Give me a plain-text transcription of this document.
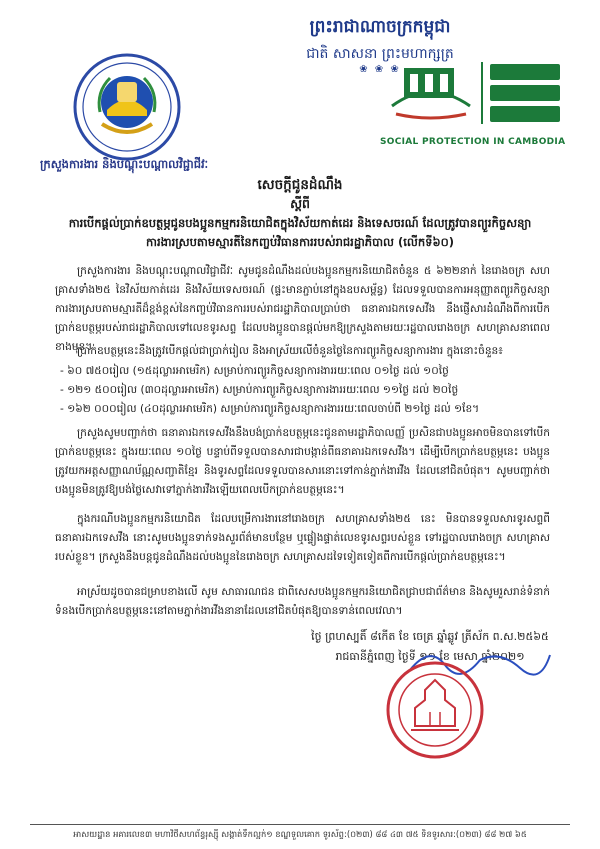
ព្រះរាជាណាចក្រកម្ពុជា
ជាតិ សាសនា ព្រះមហាក្សត្រ
❀ ❀ ❀
ក្រសួងការងារ និងបណ្តុះបណ្តាលវិជ្ជាជីវៈ
SOCIAL PROTECTION IN CAMBODIA
សេចក្តីជូនដំណឹង
ស្តីពី
ការបើកផ្តល់ប្រាក់ឧបត្ថម្ភជូនបងប្អូនកម្មករនិយោជិតក្នុងវិស័យកាត់ដេរ និងទេសចរណ៍ ដែលត្រូវបានព្យួរកិច្ចសន្យាការងារស្របតាមស្មារតីនៃកញ្ចប់វិធានការរបស់រាជរដ្ឋាភិបាល (លើកទី៦០)
ក្រសួងការងារ និងបណ្តុះបណ្តាលវិជ្ជាជីវៈ សូមជូនដំណឹងដល់បងប្អូនកម្មករនិយោជិតចំនួន ៥ ៦២២នាក់ នៃរោងចក្រ សហគ្រាសទាំង២៥ នៃវិស័យកាត់ដេរ និងវិស័យទេសចរណ៍ (ផ្ទះមានភ្ជាប់នៅក្នុងឧបសម្ព័ន្ធ) ដែលទទួលបានការអនុញ្ញាតព្យួរកិច្ចសន្យាការងារស្របតាមស្មារតីដ៏ខ្ពង់ខ្ពស់នៃកញ្ចប់វិធានការរបស់រាជរដ្ឋាភិបាលប្រាប់ថា ធនាគារឯកទេសវីង នឹងផ្ញើសារដំណឹងពីការបើកប្រាក់ឧបត្ថម្ភរបស់រាជរដ្ឋាភិបាលទៅលេខទូរសព្ទ ដែលបងប្អូនបានផ្តល់មកឱ្យក្រសួងតាមរយៈរដ្ឋបាលរោងចក្រ សហគ្រាសនាពេលខាងមុខ។
ប្រាក់ឧបត្ថម្ភនេះនឹងត្រូវបើកផ្តល់ជាប្រាក់រៀល និងអាស្រ័យលើចំនួនថ្ងៃនៃការព្យួរកិច្ចសន្យាការងារ ក្នុងនោះចំនួន៖
- ៦០ ៧៥០រៀល (១៥ដុល្លារអាមេរិក) សម្រាប់ការព្យួរកិច្ចសន្យាការងាររយៈពេល ០១ថ្ងៃ ដល់ ១០ថ្ងៃ
- ១២១ ៥០០រៀល (៣០ដុល្លារអាមេរិក) សម្រាប់ការព្យួរកិច្ចសន្យាការងាររយៈពេល ១១ថ្ងៃ ដល់ ២០ថ្ងៃ
- ១៦២ ០០០រៀល (៤០ដុល្លារអាមេរិក) សម្រាប់ការព្យួរកិច្ចសន្យាការងាររយៈពេលចាប់ពី ២១ថ្ងៃ ដល់ ១ខែ។
ក្រសួងសូមបញ្ជាក់ថា ធនាគារឯកទេសវីងនឹងបង់ប្រាក់ឧបត្ថម្ភនេះជូនតាមរដ្ឋាភិបាលញ្ញ័ ប្រសិនជាបងប្អូនអាចមិនបានទៅបើកប្រាក់ឧបត្ថម្ភនេះ ក្នុងរយៈពេល ១០ថ្ងៃ បន្ទាប់ពីទទួលបានសារជាបង្កាន់ពីធនាគារឯកទេសវីង។ ដើម្បីបើកប្រាក់ឧបត្ថម្ភនេះ បងប្អូនត្រូវយកអត្តសញ្ញាណប័ណ្ណសញ្ជាតិខ្មែរ និងទូរសព្ទដែលទទួលបានសារនោះទៅកាន់ភ្នាក់ងារវីង ដែលនៅជិតបំផុត។ សូមបញ្ជាក់ថា បងប្អូនមិនត្រូវឱ្យបង់ថ្លៃសេវាទៅភ្នាក់ងារវីងឡើយពេលបើកប្រាក់ឧបត្ថម្ភនេះ។
ក្នុងករណីបងប្អូនកម្មករនិយោជិត ដែលបម្រើការងារនៅរោងចក្រ សហគ្រាសទាំង២៥ នេះ មិនបានទទួលសារទូរសព្ទពីធនាគារឯកទេសវីង នោះសូមបងប្អូនទាក់ទងសួរព័ត៌មានបន្ថែម ឬផ្ទៀងផ្ទាត់លេខទូរសព្ទរបស់ខ្លួន ទៅរដ្ឋបាលរោងចក្រ សហគ្រាសរបស់ខ្លួន។ ក្រសួងនឹងបន្តជូនដំណឹងដល់បងប្អូននៃរោងចក្រ សហគ្រាសដទៃទៀតទៀតពីការបើកផ្តល់ប្រាក់ឧបត្ថម្ភនេះ។
អាស្រ័យដូចបានជម្រាបខាងលើ សូម សាធារណជន ជាពិសេសបងប្អូនកម្មករនិយោជិតជ្រាបជាព័ត៌មាន និងសូមរួសរាន់ទំនាក់ទំនងបើកប្រាក់ឧបត្ថម្ភនេះនៅតាមភ្នាក់ងារវីងនានាដែលនៅជិតបំផុតឱ្យបានទាន់ពេលវេលា។
ថ្ងៃ ព្រហស្បតិ៍ ៨កើត ខែ ចេត្រ ឆ្នាំឆ្លូវ ត្រីស័ក ព.ស.២៥៦៥
រាជធានីភ្នំពេញ ថ្ងៃទី ១១ ខែ មេសា ឆ្នាំ២០២១
អាសយដ្ឋាន អគារលេខ៣ មហាវិថីសហព័ន្ធរុស្ស៊ី សង្កាត់ទឹកល្អក់១ ខណ្ឌទួលគោក ទូរស័ព្ទ:(០២៣) ៨៨ ៤៣ ៧៥ ទិនទូរសារ:(០២៣) ៨៨ ២៧ ៦៥
